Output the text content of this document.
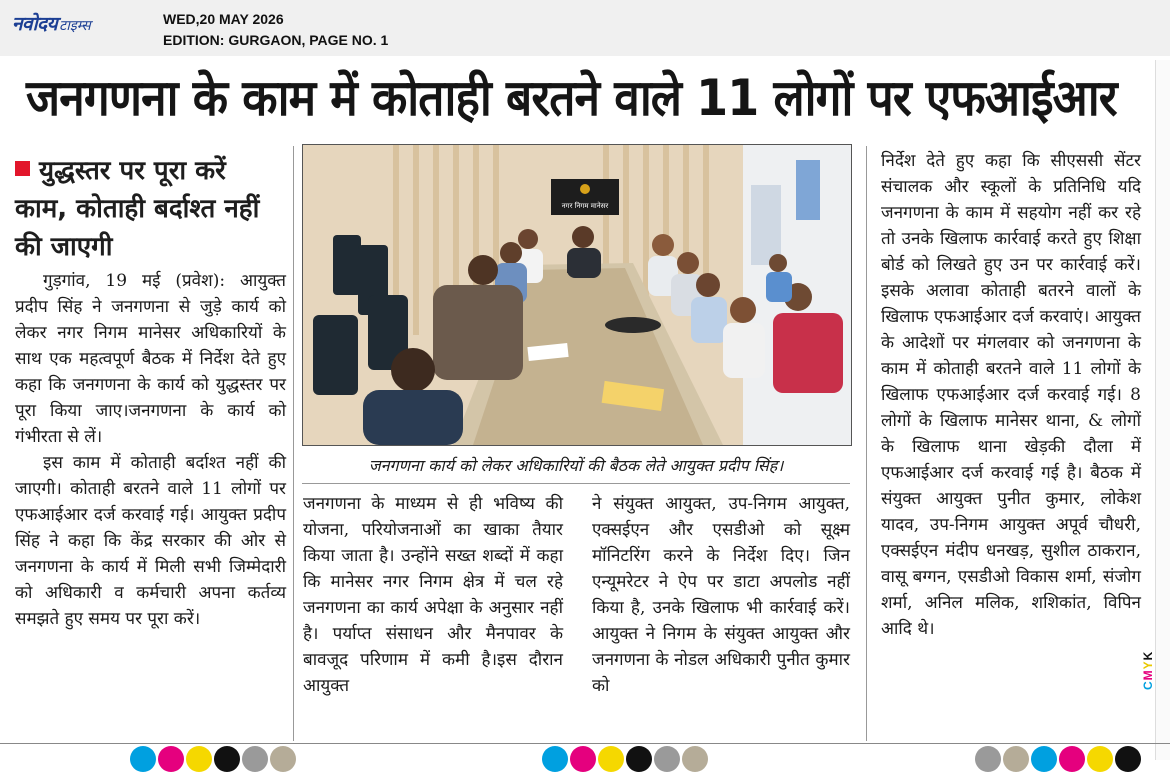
नवोदय टाइम्स	WED,20 MAY 2026
EDITION: GURGAON, PAGE NO. 1
जनगणना के काम में कोताही बरतने वाले 11 लोगों पर एफआईआर
युद्धस्तर पर पूरा करें काम, कोताही बर्दाश्त नहीं की जाएगी

गुड़गांव, 19 मई (प्रवेश): आयुक्त प्रदीप सिंह ने जनगणना से जुड़े कार्य को लेकर नगर निगम मानेसर अधिकारियों के साथ एक महत्वपूर्ण बैठक में निर्देश देते हुए कहा कि जनगणना के कार्य को युद्धस्तर पर पूरा किया जाए।जनगणना के कार्य को गंभीरता से लें।

इस काम में कोताही बर्दाश्त नहीं की जाएगी। कोताही बरतने वाले 11 लोगों पर एफआईआर दर्ज करवाई गई। आयुक्त प्रदीप सिंह ने कहा कि केंद्र सरकार की ओर से जनगणना के कार्य में मिली सभी जिम्मेदारी को अधिकारी व कर्मचारी अपना कर्तव्य समझते हुए समय पर पूरा करें।

नगर निगम मानेसर
जनगणना कार्य को लेकर अधिकारियों की बैठक लेते आयुक्त प्रदीप सिंह।

जनगणना के माध्यम से ही भविष्य की योजना, परियोजनाओं का खाका तैयार किया जाता है। उन्होंने सख्त शब्दों में कहा कि मानेसर नगर निगम क्षेत्र में चल रहे जनगणना का कार्य अपेक्षा के अनुसार नहीं है। पर्याप्त संसाधन और मैनपावर के बावजूद परिणाम में कमी है।इस दौरान आयुक्त

ने संयुक्त आयुक्त, उप-निगम आयुक्त, एक्सईएन और एसडीओ को सूक्ष्म मॉनिटरिंग करने के निर्देश दिए। जिन एन्यूमरेटर ने ऐप पर डाटा अपलोड नहीं किया है, उनके खिलाफ भी कार्रवाई करें। आयुक्त ने निगम के संयुक्त आयुक्त और जनगणना के नोडल अधिकारी पुनीत कुमार को

निर्देश देते हुए कहा कि सीएससी सेंटर संचालक और स्कूलों के प्रतिनिधि यदि जनगणना के काम में सहयोग नहीं कर रहे तो उनके खिलाफ कार्रवाई करते हुए शिक्षा बोर्ड को लिखते हुए उन पर कार्रवाई करें। इसके अलावा कोताही बतरने वालों के खिलाफ एफआईआर दर्ज करवाएं। आयुक्त के आदेशों पर मंगलवार को जनगणना के काम में कोताही बरतने वाले 11 लोगों के खिलाफ एफआईआर दर्ज करवाई गई। 8 लोगों के खिलाफ मानेसर थाना, & लोगों के खिलाफ थाना खेड़की दौला में एफआईआर दर्ज करवाई गई है। बैठक में संयुक्त आयुक्त पुनीत कुमार, लोकेश यादव, उप-निगम आयुक्त अपूर्व चौधरी, एक्सईएन मंदीप धनखड़, सुशील ठाकरान, वासू बग्गन, एसडीओ विकास शर्मा, संजोग शर्मा, अनिल मलिक, शशिकांत, विपिन आदि थे।

CMYK
